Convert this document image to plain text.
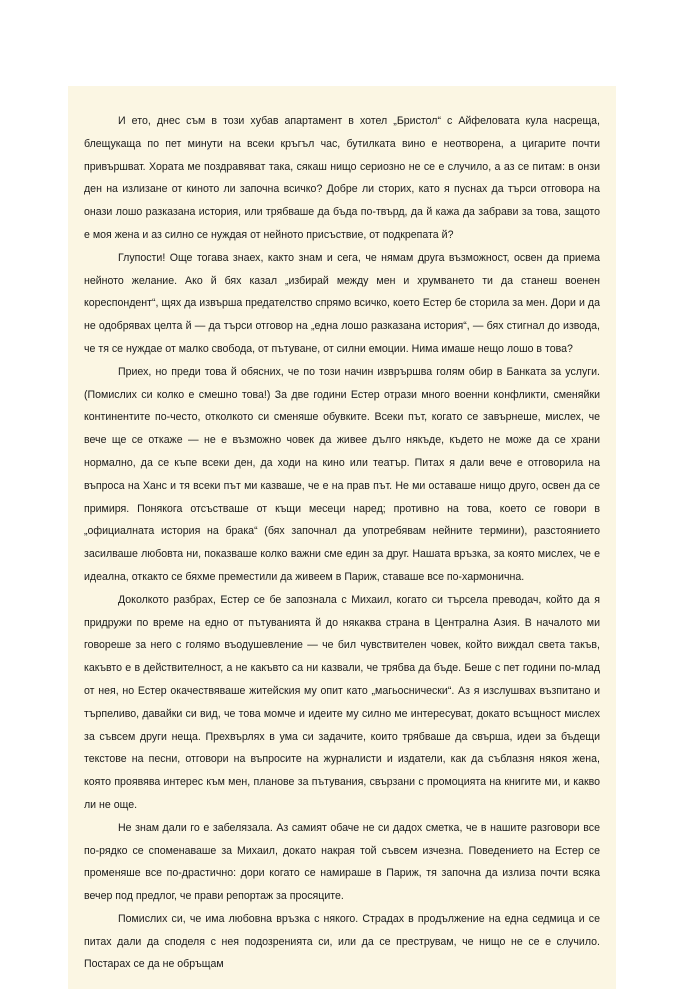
И ето, днес съм в този хубав апартамент в хотел „Бристол“ с Айфеловата кула насреща, блещукаща по пет минути на всеки кръгъл час, бутилката вино е неотворена, а цигарите почти привършват. Хората ме поздравяват така, сякаш нищо сериозно не се е случило, а аз се питам: в онзи ден на излизане от киното ли започна всичко? Добре ли сторих, като я пуснах да търси отговора на онази лошо разказана история, или трябваше да бъда по-твърд, да й кажа да забрави за това, защото е моя жена и аз силно се нуждая от нейното присъствие, от подкрепата й?

Глупости! Още тогава знаех, както знам и сега, че нямам друга възможност, освен да приема нейното желание. Ако й бях казал „избирай между мен и хрумването ти да станеш военен кореспондент“, щях да извърша предателство спрямо всичко, което Естер бе сторила за мен. Дори и да не одобрявах целта й — да търси отговор на „една лошо разказана история“, — бях стигнал до извода, че тя се нуждае от малко свобода, от пътуване, от силни емоции. Нима имаше нещо лошо в това?

Приех, но преди това й обясних, че по този начин изврършва голям обир в Банката за услуги. (Помислих си колко е смешно това!) За две години Естер отрази много военни конфликти, сменяйки континентите по-често, отколкото си сменяше обувките. Всеки път, когато се завърнеше, мислех, че вече ще се откаже — не е възможно човек да живее дълго някъде, където не може да се храни нормално, да се къпе всеки ден, да ходи на кино или театър. Питах я дали вече е отговорила на въпроса на Ханс и тя всеки път ми казваше, че е на прав път. Не ми оставаше нищо друго, освен да се примиря. Понякога отсъстваше от къщи месеци наред; противно на това, което се говори в „официалната история на брака“ (бях започнал да употребявам нейните термини), разстоянието засилваше любовта ни, показваше колко важни сме един за друг. Нашата връзка, за която мислех, че е идеална, откакто се бяхме преместили да живеем в Париж, ставаше все по-хармонична.

Доколкото разбрах, Естер се бе запознала с Михаил, когато си търсела преводач, който да я придружи по време на едно от пътуванията й до някаква страна в Централна Азия. В началото ми говореше за него с голямо въодушевление — че бил чувствителен човек, който виждал света такъв, какъвто е в действителност, а не какъвто са ни казвали, че трябва да бъде. Беше с пет години по-млад от нея, но Естер окачествяваше житейския му опит като „магьоснически“. Аз я изслушвах възпитано и търпеливо, давайки си вид, че това момче и идеите му силно ме интересуват, докато всъщност мислех за съвсем други неща. Прехвърлях в ума си задачите, които трябваше да свърша, идеи за бъдещи текстове на песни, отговори на въпросите на журналисти и издатели, как да съблазня някоя жена, която проявява интерес към мен, планове за пътувания, свързани с промоцията на книгите ми, и какво ли не още.

Не знам дали го е забелязала. Аз самият обаче не си дадох сметка, че в нашите разговори все по-рядко се споменаваше за Михаил, докато накрая той съвсем изчезна. Поведението на Естер се променяше все по-драстично: дори когато се намираше в Париж, тя започна да излиза почти всяка вечер под предлог, че прави репортаж за просяците.

Помислих си, че има любовна връзка с някого. Страдах в продължение на една седмица и се питах дали да споделя с нея подозренията си, или да се преструвам, че нищо не се е случило. Постарах се да не обръщам
